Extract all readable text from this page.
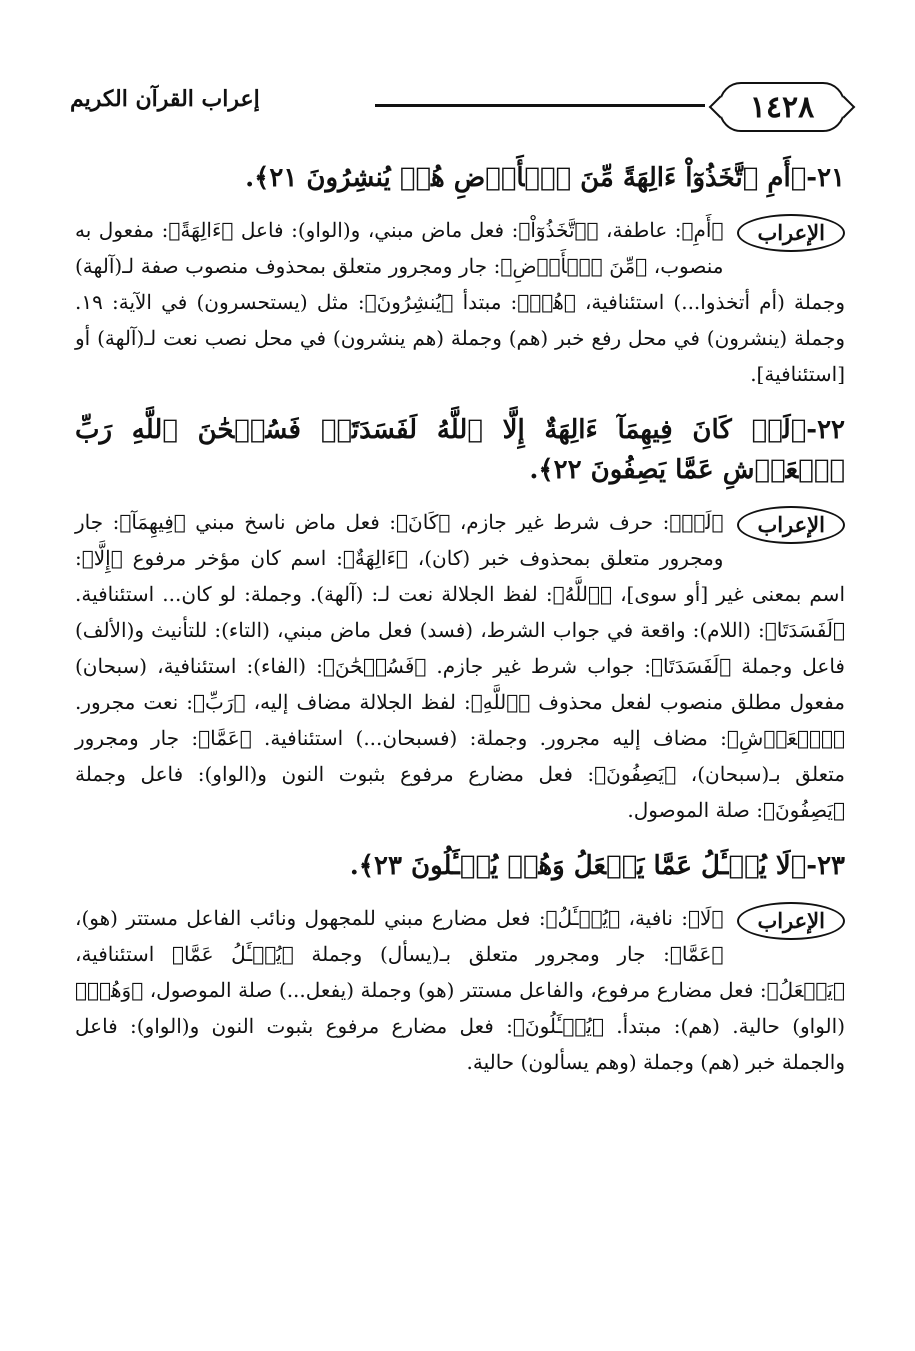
١٤٢٨
إعراب القرآن الكريم
٢١-﴿أَمِ ٱتَّخَذُوٓاْ ءَالِهَةً مِّنَ ٱلۡأَرۡضِ هُمۡ يُنشِرُونَ ٢١﴾.
الإعراب
﴿أَمِ﴾: عاطفة، ﴿ٱتَّخَذُوٓاْ﴾: فعل ماض مبني، و(الواو): فاعل ﴿ءَالِهَةً﴾: مفعول به منصوب، ﴿مِّنَ ٱلۡأَرۡضِ﴾: جار ومجرور متعلق بمحذوف منصوب صفة لـ(آلهة) وجملة (أم أتخذوا...) استئنافية، ﴿هُمۡ﴾: مبتدأ ﴿يُنشِرُونَ﴾: مثل (يستحسرون) في الآية: ١٩. وجملة (ينشرون) في محل رفع خبر (هم) وجملة (هم ينشرون) في محل نصب نعت لـ(آلهة) أو [استئنافية].
٢٢-﴿لَوۡ كَانَ فِيهِمَآ ءَالِهَةٌ إِلَّا ٱللَّهُ لَفَسَدَتَاۚ فَسُبۡحَٰنَ ٱللَّهِ رَبِّ ٱلۡعَرۡشِ عَمَّا يَصِفُونَ ٢٢﴾.
الإعراب
﴿لَوۡ﴾: حرف شرط غير جازم، ﴿كَانَ﴾: فعل ماض ناسخ مبني ﴿فِيهِمَآ﴾: جار ومجرور متعلق بمحذوف خبر (كان)، ﴿ءَالِهَةٌ﴾: اسم كان مؤخر مرفوع ﴿إِلَّا﴾: اسم بمعنى غير [أو سوى]، ﴿ٱللَّهُ﴾: لفظ الجلالة نعت لـ: (آلهة). وجملة: لو كان... استئنافية. ﴿لَفَسَدَتَا﴾: (اللام): واقعة في جواب الشرط، (فسد) فعل ماض مبني، (التاء): للتأنيث و(الألف) فاعل وجملة ﴿لَفَسَدَتَا﴾: جواب شرط غير جازم. ﴿فَسُبۡحَٰنَ﴾: (الفاء): استئنافية، (سبحان) مفعول مطلق منصوب لفعل محذوف ﴿ٱللَّهِ﴾: لفظ الجلالة مضاف إليه، ﴿رَبِّ﴾: نعت مجرور. ﴿ٱلۡعَرۡشِ﴾: مضاف إليه مجرور. وجملة: (فسبحان...) استئنافية. ﴿عَمَّا﴾: جار ومجرور متعلق بـ(سبحان)، ﴿يَصِفُونَ﴾: فعل مضارع مرفوع بثبوت النون و(الواو): فاعل وجملة ﴿يَصِفُونَ﴾: صلة الموصول.
٢٣-﴿لَا يُسۡـَٔلُ عَمَّا يَفۡعَلُ وَهُمۡ يُسۡـَٔلُونَ ٢٣﴾.
الإعراب
﴿لَا﴾: نافية، ﴿يُسۡـَٔلُ﴾: فعل مضارع مبني للمجهول ونائب الفاعل مستتر (هو)، ﴿عَمَّا﴾: جار ومجرور متعلق بـ(يسأل) وجملة ﴿يُسۡـَٔلُ عَمَّا﴾ استئنافية، ﴿يَفۡعَلُ﴾: فعل مضارع مرفوع، والفاعل مستتر (هو) وجملة (يفعل...) صلة الموصول، ﴿وَهُمۡ﴾ (الواو) حالية. (هم): مبتدأ. ﴿يُسۡـَٔلُونَ﴾: فعل مضارع مرفوع بثبوت النون و(الواو): فاعل والجملة خبر (هم) وجملة (وهم يسألون) حالية.
